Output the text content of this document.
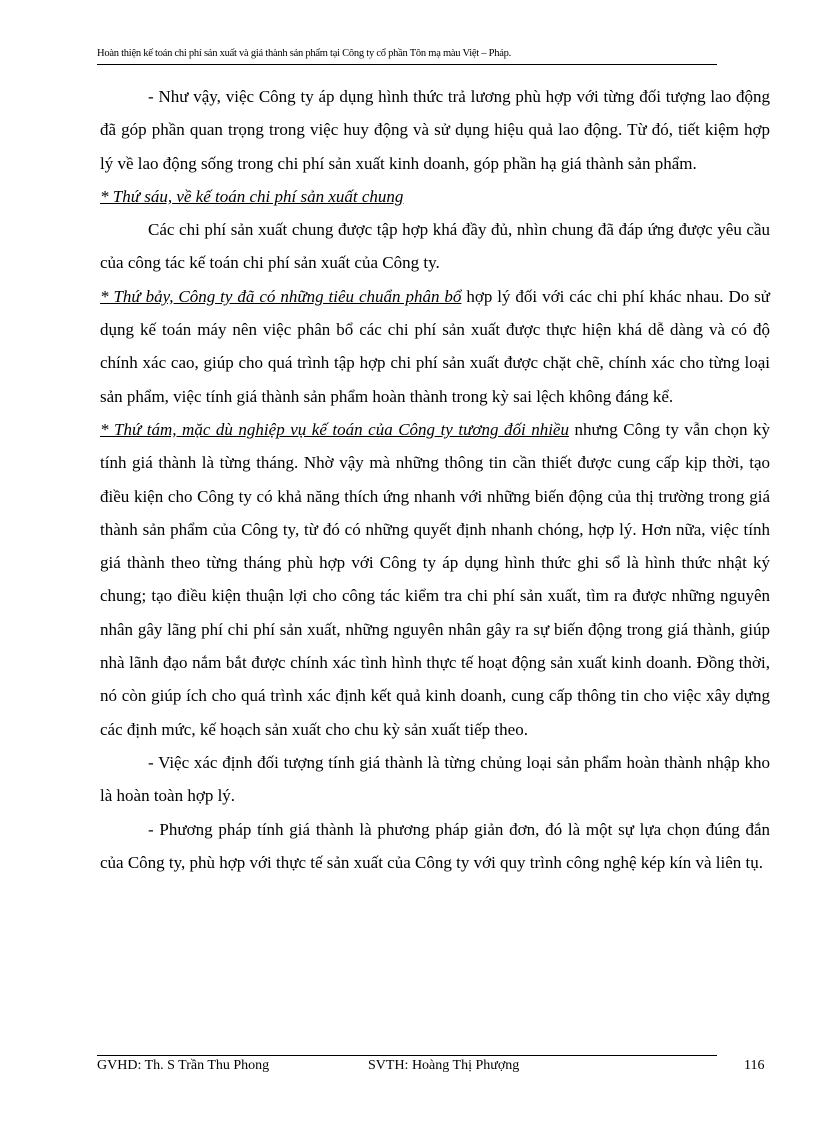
Hoàn thiện kế toán chi phí sản xuất và giá thành sản phẩm tại Công ty cổ phần Tôn mạ màu Việt – Pháp.

- Như vậy, việc Công ty áp dụng hình thức trả lương phù hợp với từng đối tượng lao động đã góp phần quan trọng trong việc huy động và sử dụng hiệu quả lao động. Từ đó, tiết kiệm hợp lý về lao động sống trong chi phí sản xuất kinh doanh, góp phần hạ giá thành sản phẩm.

* Thứ sáu, về kế toán chi phí sản xuất chung

Các chi phí sản xuất chung được tập hợp khá đầy đủ, nhìn chung đã đáp ứng được yêu cầu của công tác kế toán chi phí sản xuất của Công ty.

* Thứ bảy, Công ty đã có những tiêu chuẩn phân bổ hợp lý đối với các chi phí khác nhau. Do sử dụng kế toán máy nên việc phân bổ các chi phí sản xuất được thực hiện khá dễ dàng và có độ chính xác cao, giúp cho quá trình tập hợp chi phí sản xuất được chặt chẽ, chính xác cho từng loại sản phẩm, việc tính giá thành sản phẩm hoàn thành trong kỳ sai lệch không đáng kể.

* Thứ tám, mặc dù nghiệp vụ kế toán của Công ty tương đối nhiều nhưng Công ty vẫn chọn kỳ tính giá thành là từng tháng. Nhờ vậy mà những thông tin cần thiết được cung cấp kịp thời, tạo điều kiện cho Công ty có khả năng thích ứng nhanh với những biến động của thị trường trong giá thành sản phẩm của Công ty, từ đó có những quyết định nhanh chóng, hợp lý. Hơn nữa, việc tính giá thành theo từng tháng phù hợp với Công ty áp dụng hình thức ghi sổ là hình thức nhật ký chung; tạo điều kiện thuận lợi cho công tác kiểm tra chi phí sản xuất, tìm ra được những nguyên nhân gây lãng phí chi phí sản xuất, những nguyên nhân gây ra sự biến động trong giá thành, giúp nhà lãnh đạo nắm bắt được chính xác tình hình thực tế hoạt động sản xuất kinh doanh. Đồng thời, nó còn giúp ích cho quá trình xác định kết quả kinh doanh, cung cấp thông tin cho việc xây dựng các định mức, kế hoạch sản xuất cho chu kỳ sản xuất tiếp theo.

- Việc xác định đối tượng tính giá thành là từng chủng loại sản phẩm hoàn thành nhập kho là hoàn toàn hợp lý.

- Phương pháp tính giá thành là phương pháp giản đơn, đó là một sự lựa chọn đúng đắn của Công ty, phù hợp với thực tế sản xuất của Công ty với quy trình công nghệ kép kín và liên tụ.

GVHD: Th. S Trần Thu Phong	SVTH: Hoàng Thị Phượng	116
